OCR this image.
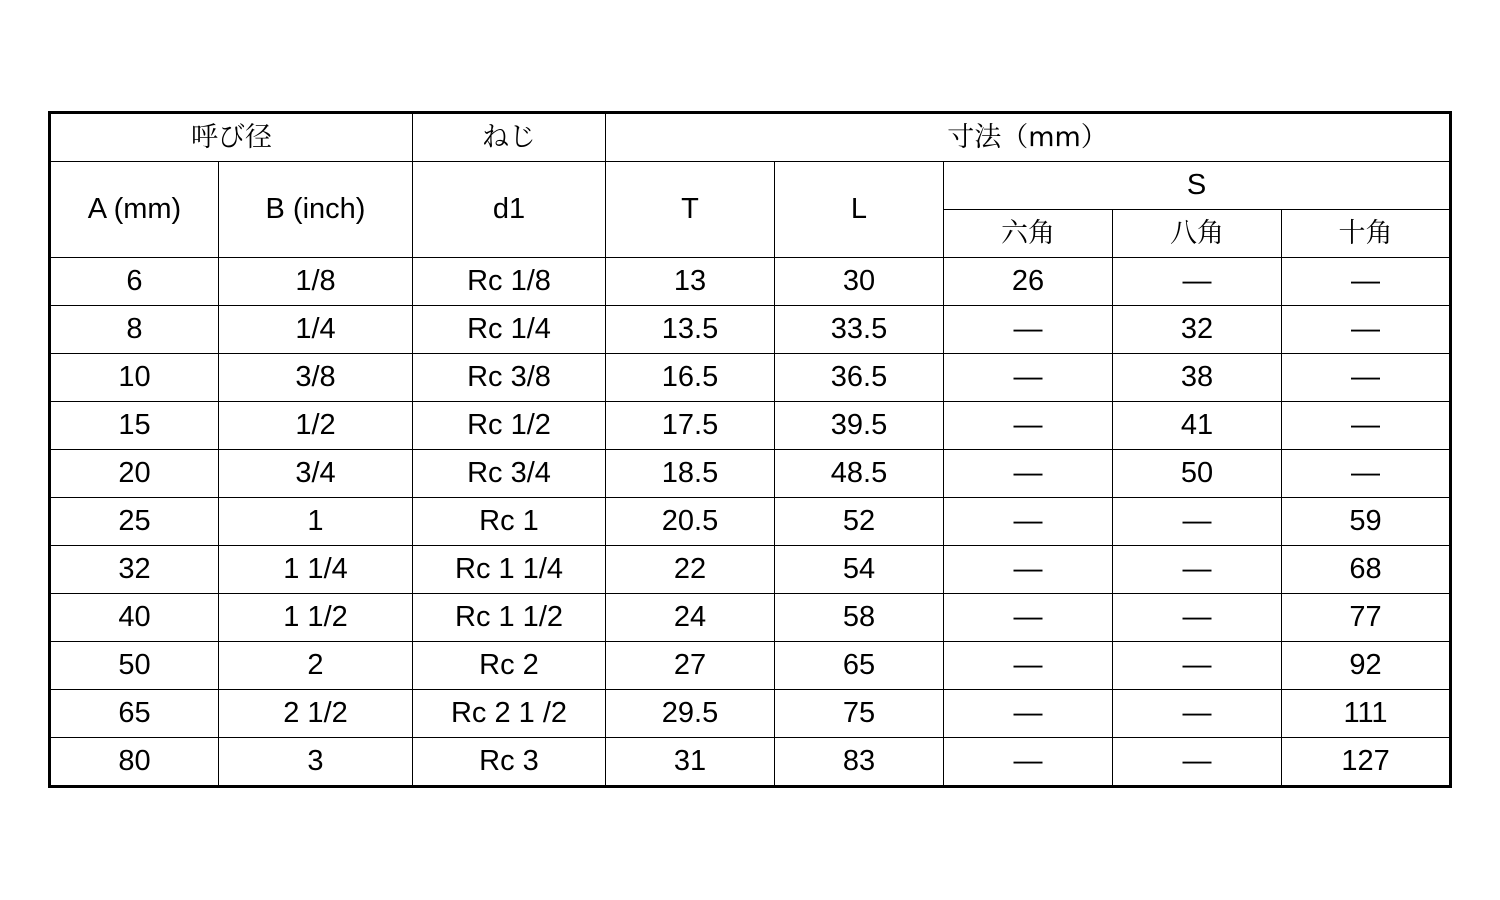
呼び径		ねじ	寸法（mm）				
A (mm)	B (inch)	d1	T	L	S		
					六角	八角	十角
6	1/8	Rc 1/8	13	30	26	—	—
8	1/4	Rc 1/4	13.5	33.5	—	32	—
10	3/8	Rc 3/8	16.5	36.5	—	38	—
15	1/2	Rc 1/2	17.5	39.5	—	41	—
20	3/4	Rc 3/4	18.5	48.5	—	50	—
25	1	Rc 1	20.5	52	—	—	59
32	1 1/4	Rc 1 1/4	22	54	—	—	68
40	1 1/2	Rc 1 1/2	24	58	—	—	77
50	2	Rc 2	27	65	—	—	92
65	2 1/2	Rc 2 1 /2	29.5	75	—	—	111
80	3	Rc 3	31	83	—	—	127
